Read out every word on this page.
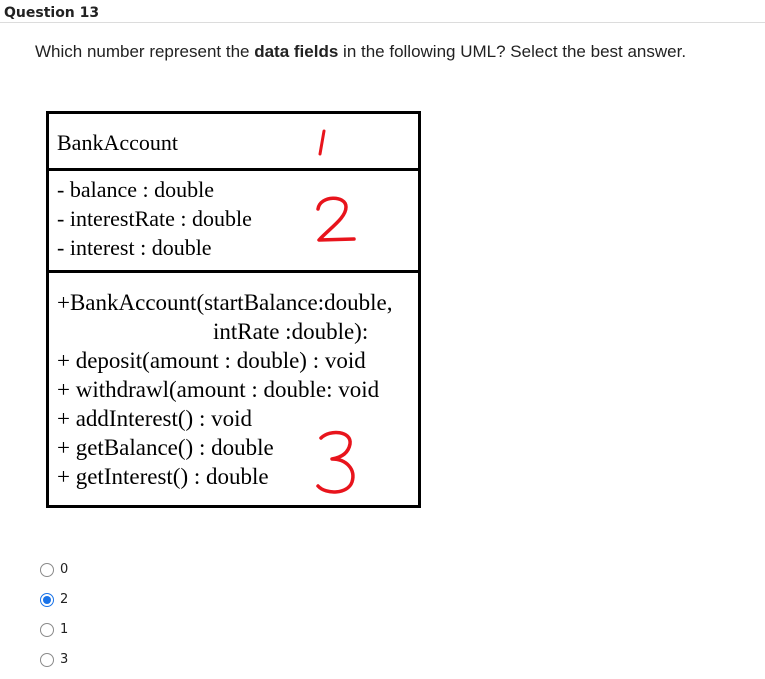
Question 13
Which number represent the data fields in the following UML? Select the best answer.
BankAccount
- balance : double
- interestRate : double
- interest : double
+BankAccount(startBalance:double,
intRate :double):
+ deposit(amount : double) : void
+ withdrawl(amount : double: void
+ addInterest() : void
+ getBalance() : double
+ getInterest() : double
0
2
1
3
